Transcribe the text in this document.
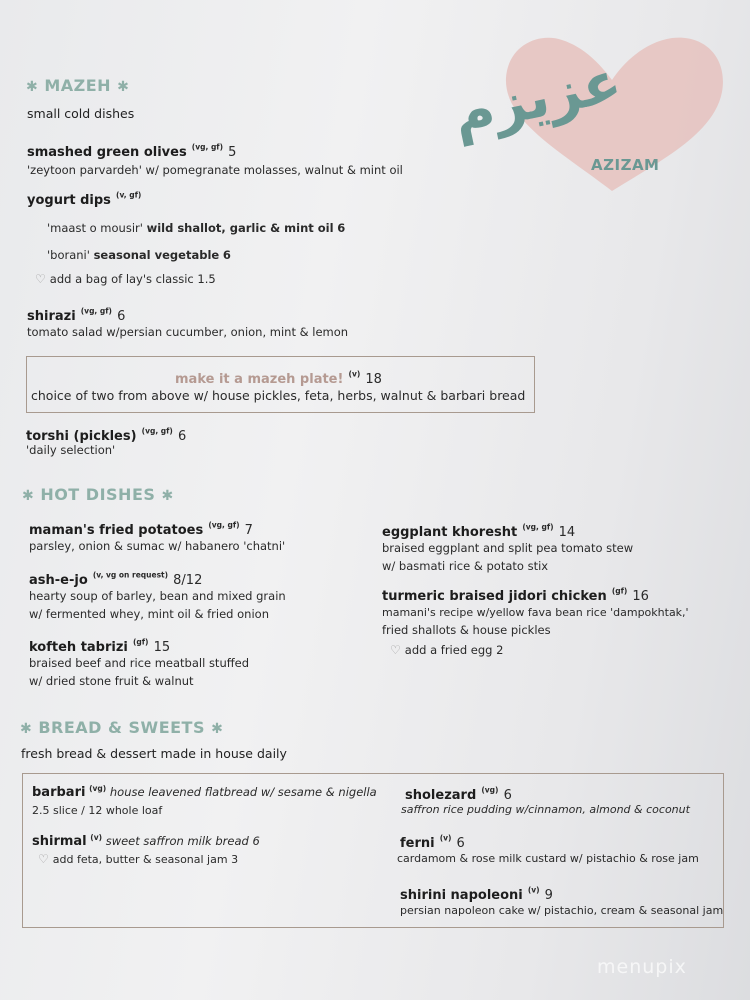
عزیزم
AZIZAM
✱ MAZEH ✱
small cold dishes
smashed green olives $^{(vg, gf)}$ 5
'zeytoon parvardeh' w/ pomegranate molasses, walnut & mint oil
yogurt dips $^{(v, gf)}$
'maast o mousir' wild shallot, garlic & mint oil 6
'borani' seasonal vegetable 6
♡ add a bag of lay's classic 1.5
shirazi $^{(vg, gf)}$ 6
tomato salad w/persian cucumber, onion, mint & lemon
make it a mazeh plate! $^{(v)}$ 18
choice of two from above w/ house pickles, feta, herbs, walnut & barbari bread
torshi (pickles) $^{(vg, gf)}$ 6
'daily selection'
✱ HOT DISHES ✱
maman's fried potatoes $^{(vg, gf)}$ 7
parsley, onion & sumac w/ habanero 'chatni'
ash-e-jo $^{(v, vg on request)}$ 8/12
hearty soup of barley, bean and mixed grain
w/ fermented whey, mint oil & fried onion
kofteh tabrizi $^{(gf)}$ 15
braised beef and rice meatball stuffed
w/ dried stone fruit & walnut
eggplant khoresht $^{(vg, gf)}$ 14
braised eggplant and split pea tomato stew
w/ basmati rice & potato stix
turmeric braised jidori chicken $^{(gf)}$ 16
mamani's recipe w/yellow fava bean rice 'dampokhtak,'
fried shallots & house pickles
♡ add a fried egg 2
✱ BREAD & SWEETS ✱
fresh bread & dessert made in house daily
barbari $^{(vg)}$ house leavened flatbread w/ sesame & nigella
2.5 slice / 12 whole loaf
shirmal $^{(v)}$ sweet saffron milk bread 6
♡ add feta, butter & seasonal jam 3
sholezard $^{(vg)}$ 6
saffron rice pudding w/cinnamon, almond & coconut
ferni $^{(v)}$ 6
cardamom & rose milk custard w/ pistachio & rose jam
shirini napoleoni $^{(v)}$ 9
persian napoleon cake w/ pistachio, cream & seasonal jam
menupix
